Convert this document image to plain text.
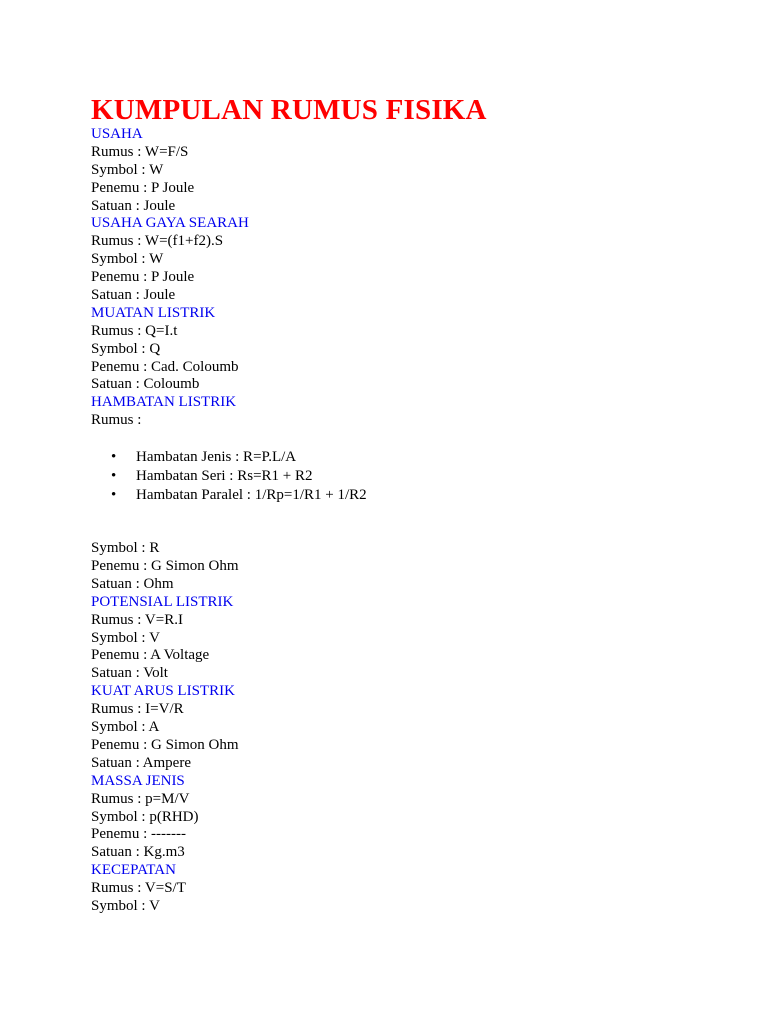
KUMPULAN RUMUS FISIKA
USAHA
Rumus : W=F/S
Symbol : W
Penemu : P Joule
Satuan : Joule
USAHA GAYA SEARAH
Rumus : W=(f1+f2).S
Symbol : W
Penemu : P Joule
Satuan : Joule
MUATAN LISTRIK
Rumus : Q=I.t
Symbol : Q
Penemu : Cad. Coloumb
Satuan : Coloumb
HAMBATAN LISTRIK
Rumus :
• Hambatan Jenis : R=P.L/A
• Hambatan Seri : Rs=R1 + R2
• Hambatan Paralel : 1/Rp=1/R1 + 1/R2
Symbol : R
Penemu : G Simon Ohm
Satuan : Ohm
POTENSIAL LISTRIK
Rumus : V=R.I
Symbol : V
Penemu : A Voltage
Satuan : Volt
KUAT ARUS LISTRIK
Rumus : I=V/R
Symbol : A
Penemu : G Simon Ohm
Satuan : Ampere
MASSA JENIS
Rumus : p=M/V
Symbol : p(RHD)
Penemu : -------
Satuan : Kg.m3
KECEPATAN
Rumus : V=S/T
Symbol : V
